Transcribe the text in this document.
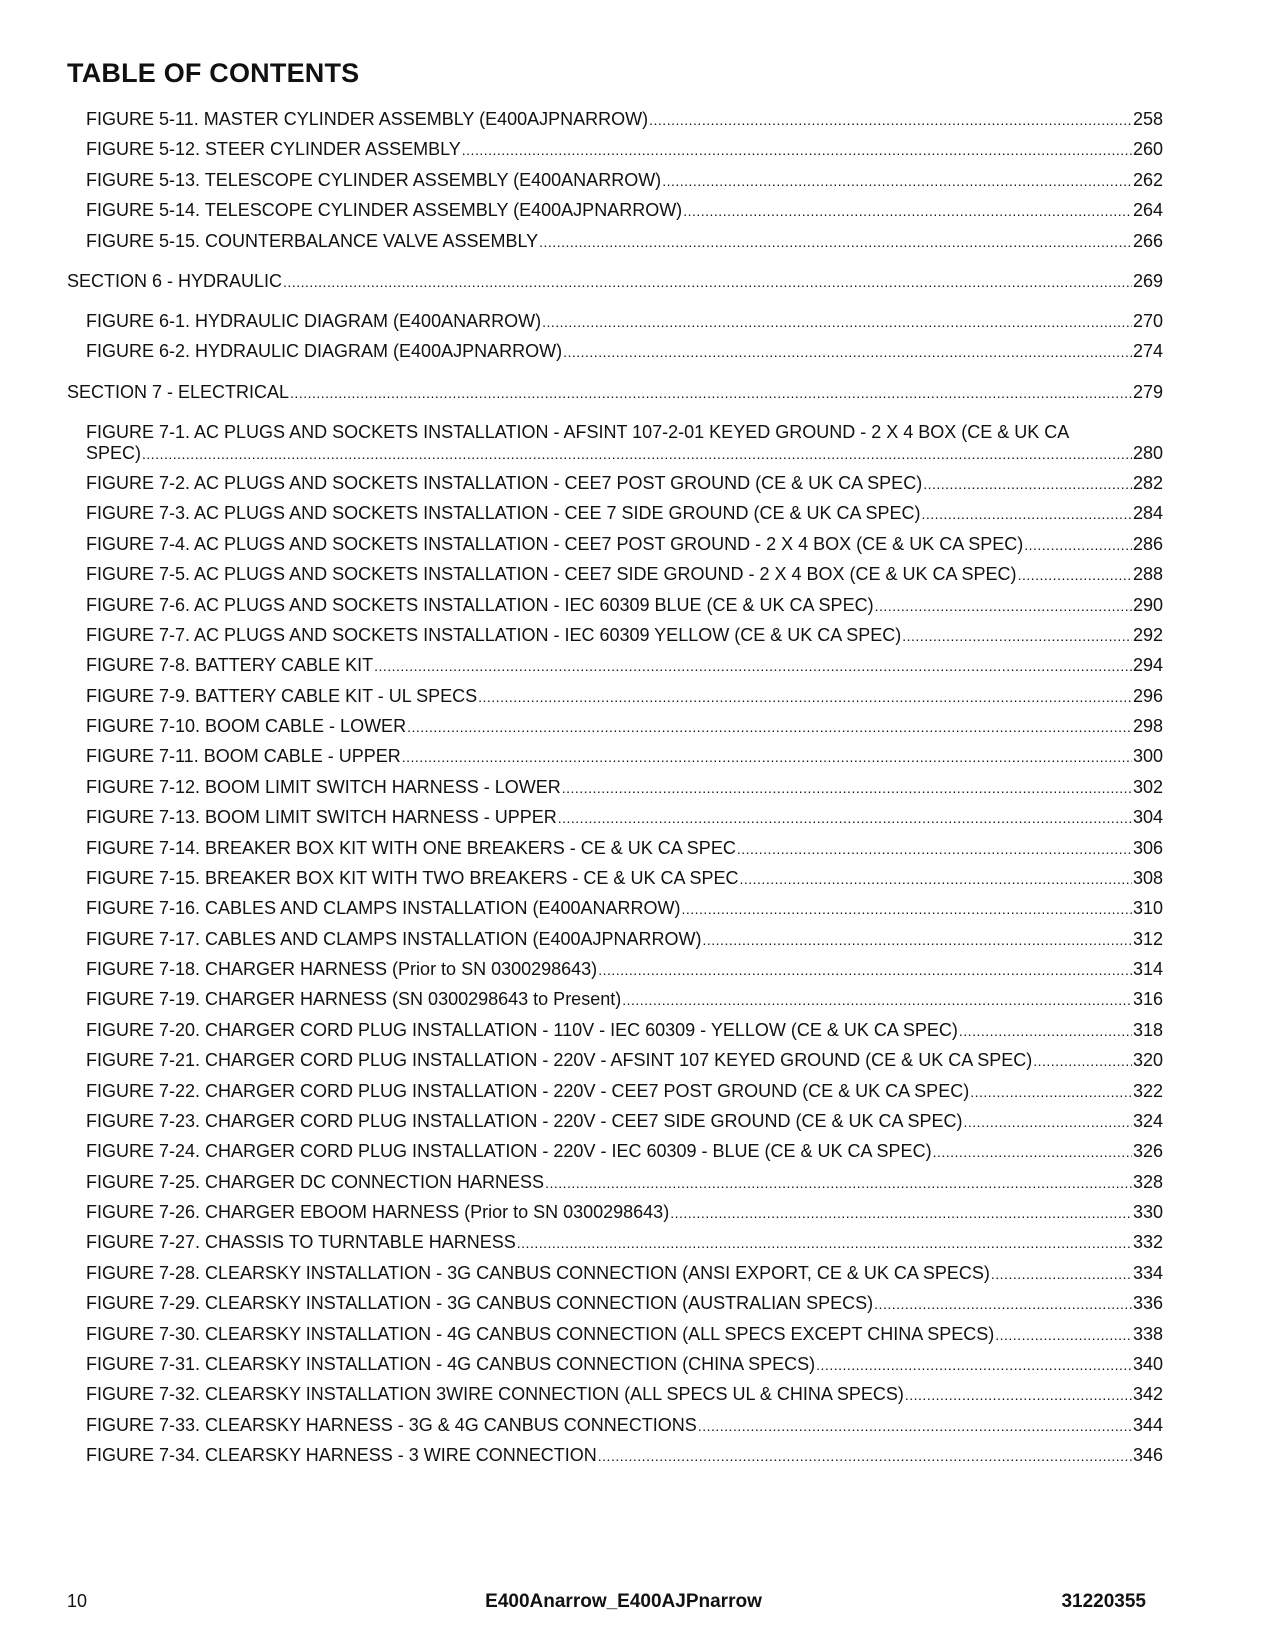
TABLE OF CONTENTS
FIGURE 5-11. MASTER CYLINDER ASSEMBLY (E400AJPNARROW) .....	258
FIGURE 5-12. STEER CYLINDER ASSEMBLY .....	260
FIGURE 5-13. TELESCOPE CYLINDER ASSEMBLY (E400ANARROW) .....	262
FIGURE 5-14. TELESCOPE CYLINDER ASSEMBLY (E400AJPNARROW) .....	264
FIGURE 5-15. COUNTERBALANCE VALVE ASSEMBLY .....	266
SECTION 6 - HYDRAULIC .....	269
FIGURE 6-1. HYDRAULIC DIAGRAM (E400ANARROW) .....	270
FIGURE 6-2. HYDRAULIC DIAGRAM (E400AJPNARROW) .....	274
SECTION 7 - ELECTRICAL .....	279
FIGURE 7-1. AC PLUGS AND SOCKETS INSTALLATION - AFSINT 107-2-01 KEYED GROUND - 2 X 4 BOX (CE & UK CA
SPEC) .....	280
FIGURE 7-2. AC PLUGS AND SOCKETS INSTALLATION - CEE7 POST GROUND (CE & UK CA SPEC) .....	282
FIGURE 7-3. AC PLUGS AND SOCKETS INSTALLATION - CEE 7 SIDE GROUND (CE & UK CA SPEC) .....	284
FIGURE 7-4. AC PLUGS AND SOCKETS INSTALLATION - CEE7 POST GROUND - 2 X 4 BOX (CE & UK CA SPEC) .....	286
FIGURE 7-5. AC PLUGS AND SOCKETS INSTALLATION - CEE7 SIDE GROUND - 2 X 4 BOX (CE & UK CA SPEC) .....	288
FIGURE 7-6. AC PLUGS AND SOCKETS INSTALLATION - IEC 60309 BLUE (CE & UK CA SPEC) .....	290
FIGURE 7-7. AC PLUGS AND SOCKETS INSTALLATION - IEC 60309 YELLOW (CE & UK CA SPEC) .....	292
FIGURE 7-8. BATTERY CABLE KIT .....	294
FIGURE 7-9. BATTERY CABLE KIT - UL SPECS .....	296
FIGURE 7-10. BOOM CABLE - LOWER .....	298
FIGURE 7-11. BOOM CABLE - UPPER .....	300
FIGURE 7-12. BOOM LIMIT SWITCH HARNESS - LOWER .....	302
FIGURE 7-13. BOOM LIMIT SWITCH HARNESS - UPPER .....	304
FIGURE 7-14. BREAKER BOX KIT WITH ONE BREAKERS - CE & UK CA SPEC .....	306
FIGURE 7-15. BREAKER BOX KIT WITH TWO BREAKERS - CE & UK CA SPEC .....	308
FIGURE 7-16. CABLES AND CLAMPS INSTALLATION (E400ANARROW) .....	310
FIGURE 7-17. CABLES AND CLAMPS INSTALLATION (E400AJPNARROW) .....	312
FIGURE 7-18. CHARGER HARNESS (Prior to SN 0300298643) .....	314
FIGURE 7-19. CHARGER HARNESS (SN 0300298643 to Present) .....	316
FIGURE 7-20. CHARGER CORD PLUG INSTALLATION - 110V - IEC 60309 - YELLOW (CE & UK CA SPEC) .....	318
FIGURE 7-21. CHARGER CORD PLUG INSTALLATION - 220V - AFSINT 107 KEYED GROUND (CE & UK CA SPEC) .....	320
FIGURE 7-22. CHARGER CORD PLUG INSTALLATION - 220V - CEE7 POST GROUND (CE & UK CA SPEC) .....	322
FIGURE 7-23. CHARGER CORD PLUG INSTALLATION - 220V - CEE7 SIDE GROUND (CE & UK CA SPEC) .....	324
FIGURE 7-24. CHARGER CORD PLUG INSTALLATION - 220V - IEC 60309 - BLUE (CE & UK CA SPEC) .....	326
FIGURE 7-25. CHARGER DC CONNECTION HARNESS .....	328
FIGURE 7-26. CHARGER EBOOM HARNESS (Prior to SN 0300298643) .....	330
FIGURE 7-27. CHASSIS TO TURNTABLE HARNESS .....	332
FIGURE 7-28. CLEARSKY INSTALLATION - 3G CANBUS CONNECTION (ANSI EXPORT, CE & UK CA SPECS) .....	334
FIGURE 7-29. CLEARSKY INSTALLATION - 3G CANBUS CONNECTION (AUSTRALIAN SPECS) .....	336
FIGURE 7-30. CLEARSKY INSTALLATION - 4G CANBUS CONNECTION (ALL SPECS EXCEPT CHINA SPECS) .....	338
FIGURE 7-31. CLEARSKY INSTALLATION - 4G CANBUS CONNECTION (CHINA SPECS) .....	340
FIGURE 7-32. CLEARSKY INSTALLATION 3WIRE CONNECTION (ALL SPECS UL & CHINA SPECS) .....	342
FIGURE 7-33. CLEARSKY HARNESS - 3G & 4G CANBUS CONNECTIONS .....	344
FIGURE 7-34. CLEARSKY HARNESS - 3 WIRE CONNECTION .....	346
10	E400Anarrow_E400AJPnarrow	31220355
